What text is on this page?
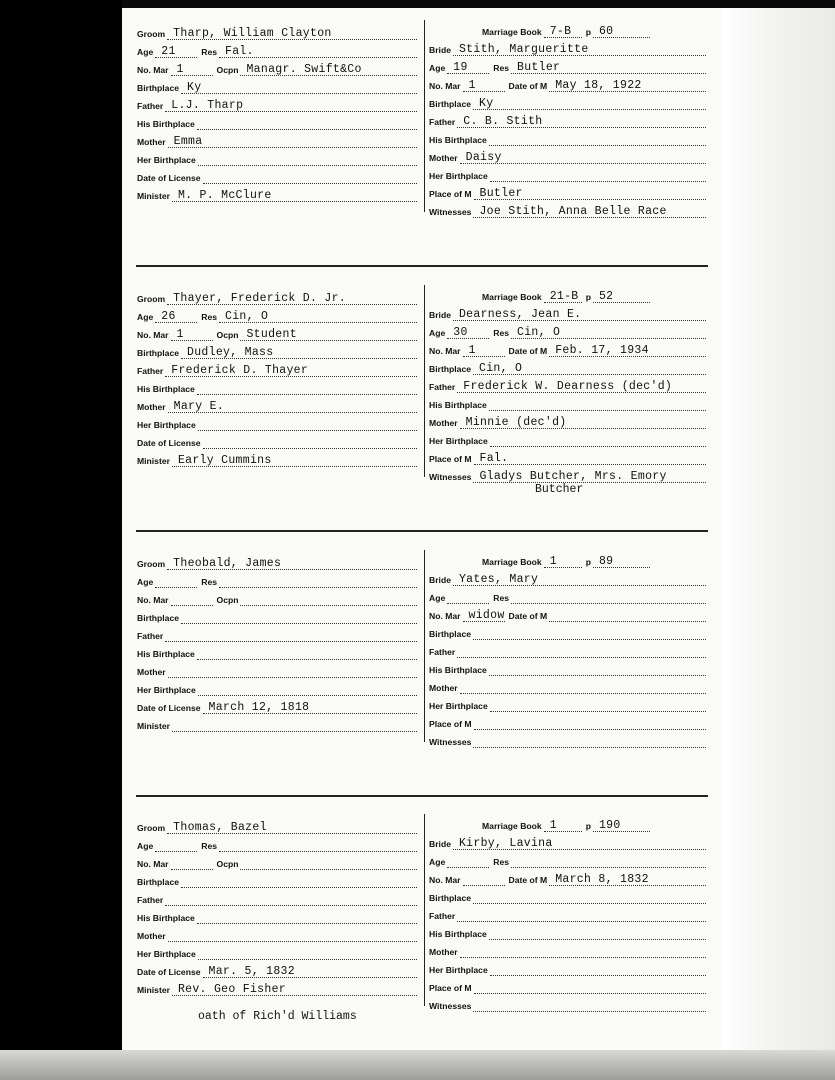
Groom Tharp, William Clayton
Age 21	Res Fal.
No. Mar 1	Ocpn Managr. Swift&Co
Birthplace Ky
Father L.J. Tharp
His Birthplace
Mother Emma
Her Birthplace
Date of License
Minister M. P. McClure
Marriage Book 7-B p 60
Bride Stith, Margueritte
Age 19	Res Butler
No. Mar 1	Date of M May 18, 1922
Birthplace Ky
Father C. B. Stith
His Birthplace
Mother Daisy
Her Birthplace
Place of M Butler
Witnesses Joe Stith, Anna Belle Race
Groom Thayer, Frederick D. Jr.
Age 26	Res Cin, O
No. Mar 1	Ocpn Student
Birthplace Dudley, Mass
Father Frederick D. Thayer
His Birthplace
Mother Mary E.
Her Birthplace
Date of License
Minister Early Cummins
Marriage Book 21-B p 52
Bride Dearness, Jean E.
Age 30	Res Cin, O
No. Mar 1	Date of M Feb. 17, 1934
Birthplace Cin, O
Father Frederick W. Dearness (dec'd)
His Birthplace
Mother Minnie (dec'd)
Her Birthplace
Place of M Fal.
Witnesses Gladys Butcher, Mrs. Emory
Butcher
Groom Theobald, James
Age	Res
No. Mar	Ocpn
Birthplace
Father
His Birthplace
Mother
Her Birthplace
Date of License March 12, 1818
Minister
Marriage Book 1	p 89
Bride Yates, Mary
Age	Res
No. Mar widow Date of M
Birthplace
Father
His Birthplace
Mother
Her Birthplace
Place of M
Witnesses
Groom Thomas, Bazel
Age	Res
No. Mar	Ocpn
Birthplace
Father
His Birthplace
Mother
Her Birthplace
Date of License Mar. 5, 1832
Minister Rev. Geo Fisher
Marriage Book 1	p 190
Bride Kirby, Lavina
Age	Res
No. Mar	Date of M March 8, 1832
Birthplace
Father
His Birthplace
Mother
Her Birthplace
Place of M
Witnesses
oath of Rich'd Williams
